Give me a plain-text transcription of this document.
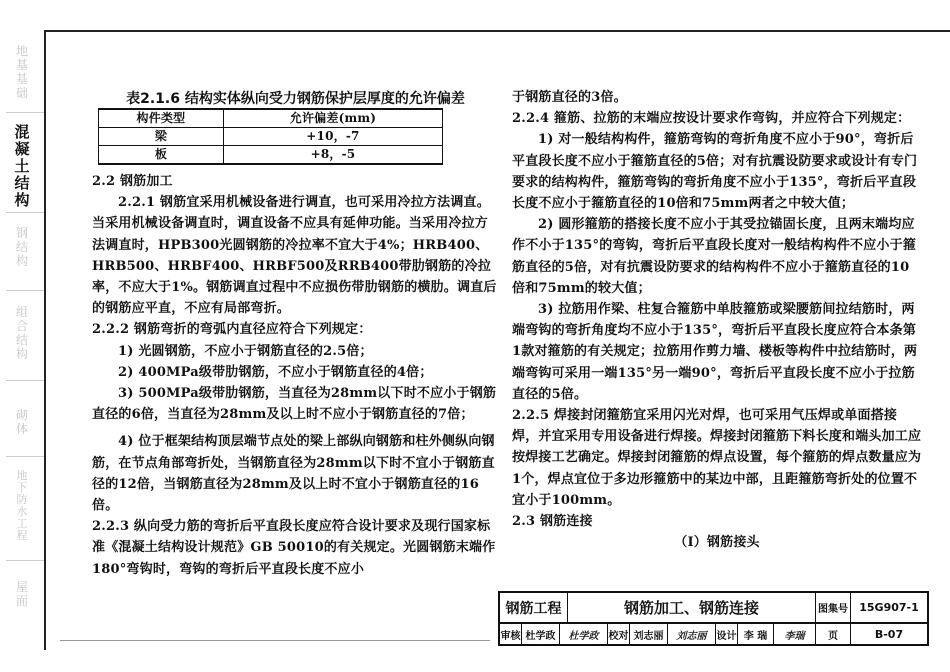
地基基础
混凝土结构
钢结构
组合结构
砌体
地下防水工程
屋面
表2.1.6 结构实体纵向受力钢筋保护层厚度的允许偏差
构件类型	允许偏差(mm)
梁	+10，-7
板	+8，-5

2.2 钢筋加工

2.2.1 钢筋宜采用机械设备进行调直，也可采用冷拉方法调直。当采用机械设备调直时，调直设备不应具有延伸功能。当采用冷拉方法调直时，HPB300光圆钢筋的冷拉率不宜大于4%；HRB400、HRB500、HRBF400、HRBF500及RRB400带肋钢筋的冷拉率，不应大于1%。钢筋调直过程中不应损伤带肋钢筋的横肋。调直后的钢筋应平直，不应有局部弯折。

2.2.2 钢筋弯折的弯弧内直径应符合下列规定：

1) 光圆钢筋，不应小于钢筋直径的2.5倍；

2) 400MPa级带肋钢筋，不应小于钢筋直径的4倍；

3) 500MPa级带肋钢筋，当直径为28mm以下时不应小于钢筋直径的6倍，当直径为28mm及以上时不应小于钢筋直径的7倍；

4) 位于框架结构顶层端节点处的梁上部纵向钢筋和柱外侧纵向钢筋，在节点角部弯折处，当钢筋直径为28mm以下时不宜小于钢筋直径的12倍，当钢筋直径为28mm及以上时不宜小于钢筋直径的16倍。

2.2.3 纵向受力筋的弯折后平直段长度应符合设计要求及现行国家标准《混凝土结构设计规范》GB 50010的有关规定。光圆钢筋末端作180°弯钩时，弯钩的弯折后平直段长度不应小

于钢筋直径的3倍。

2.2.4 箍筋、拉筋的末端应按设计要求作弯钩，并应符合下列规定：

1) 对一般结构构件，箍筋弯钩的弯折角度不应小于90°，弯折后平直段长度不应小于箍筋直径的5倍；对有抗震设防要求或设计有专门要求的结构构件，箍筋弯钩的弯折角度不应小于135°，弯折后平直段长度不应小于箍筋直径的10倍和75mm两者之中较大值；

2) 圆形箍筋的搭接长度不应小于其受拉锚固长度，且两末端均应作不小于135°的弯钩，弯折后平直段长度对一般结构构件不应小于箍筋直径的5倍，对有抗震设防要求的结构构件不应小于箍筋直径的10倍和75mm的较大值；

3) 拉筋用作梁、柱复合箍筋中单肢箍筋或梁腰筋间拉结筋时，两端弯钩的弯折角度均不应小于135°，弯折后平直段长度应符合本条第1款对箍筋的有关规定；拉筋用作剪力墙、楼板等构件中拉结筋时，两端弯钩可采用一端135°另一端90°，弯折后平直段长度不应小于拉筋直径的5倍。

2.2.5 焊接封闭箍筋宜采用闪光对焊，也可采用气压焊或单面搭接焊，并宜采用专用设备进行焊接。焊接封闭箍筋下料长度和端头加工应按焊接工艺确定。焊接封闭箍筋的焊点设置，每个箍筋的焊点数量应为1个，焊点宜位于多边形箍筋中的某边中部，且距箍筋弯折处的位置不宜小于100mm。

2.3 钢筋连接

（Ⅰ）钢筋接头

钢筋工程	钢筋加工、钢筋连接	图集号	15G907-1
审核 杜学政	杜学政	校对 刘志丽	刘志丽	设计 李 瑞	李瑞	页	B-07
